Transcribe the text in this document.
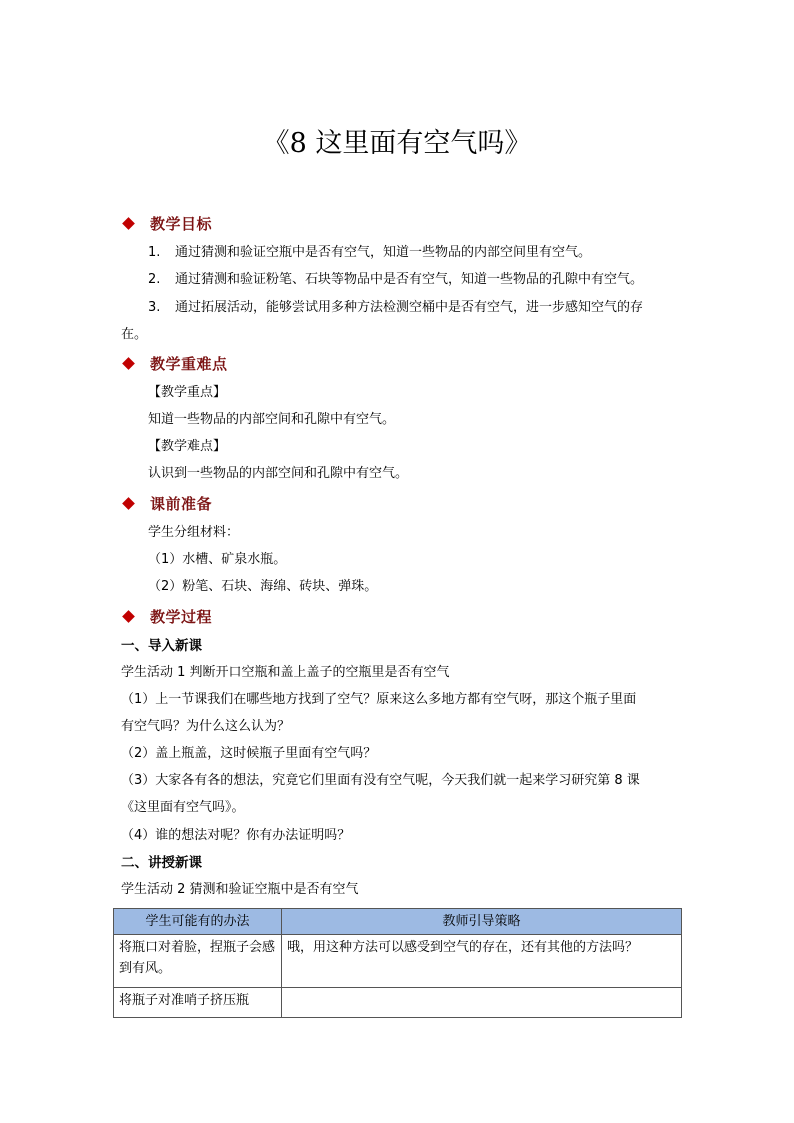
《8 这里面有空气吗》
教学目标
1. 通过猜测和验证空瓶中是否有空气，知道一些物品的内部空间里有空气。
2. 通过猜测和验证粉笔、石块等物品中是否有空气，知道一些物品的孔隙中有空气。
3. 通过拓展活动，能够尝试用多种方法检测空桶中是否有空气，进一步感知空气的存
在。
教学重难点
【教学重点】
知道一些物品的内部空间和孔隙中有空气。
【教学难点】
认识到一些物品的内部空间和孔隙中有空气。
课前准备
学生分组材料：
（1）水槽、矿泉水瓶。
（2）粉笔、石块、海绵、砖块、弹珠。
教学过程
一、导入新课
学生活动 1 判断开口空瓶和盖上盖子的空瓶里是否有空气
（1）上一节课我们在哪些地方找到了空气？原来这么多地方都有空气呀，那这个瓶子里面
有空气吗？为什么这么认为？
（2）盖上瓶盖，这时候瓶子里面有空气吗？
（3）大家各有各的想法，究竟它们里面有没有空气呢，今天我们就一起来学习研究第 8 课
《这里面有空气吗》。
（4）谁的想法对呢？你有办法证明吗？
二、讲授新课
学生活动 2 猜测和验证空瓶中是否有空气
学生可能有的办法	教师引导策略
将瓶口对着脸，捏瓶子会感到有风。	哦，用这种方法可以感受到空气的存在，还有其他的方法吗？
将瓶子对准哨子挤压瓶	
